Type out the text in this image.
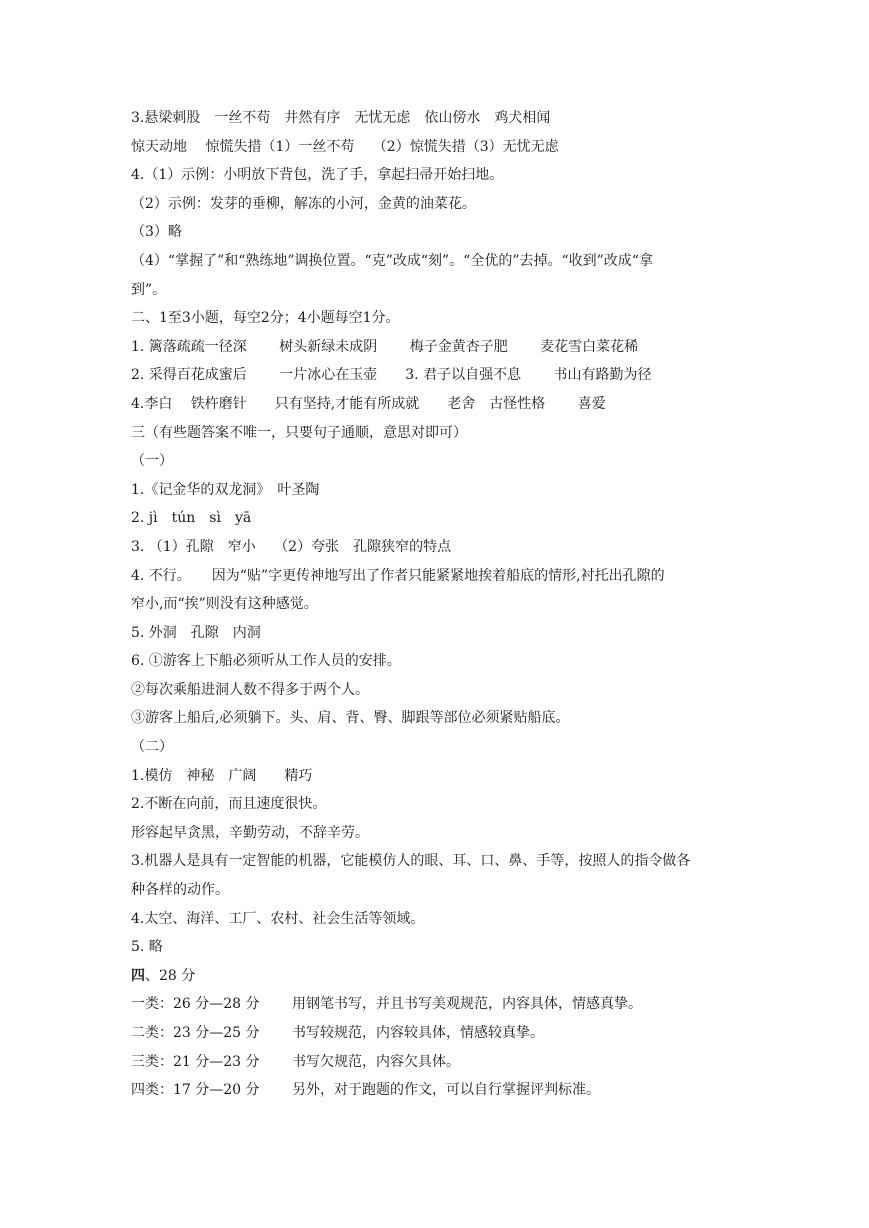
3.悬梁刺股　一丝不苟　井然有序　无忧无虑　依山傍水　鸡犬相闻
惊天动地　 惊慌失措（1）一丝不苟　 （2）惊慌失措（3）无忧无虑
4.（1）示例：小明放下背包，洗了手，拿起扫帚开始扫地。
（2）示例：发芽的垂柳，解冻的小河，金黄的油菜花。
（3）略
（4）“掌握了”和“熟练地”调换位置。“克”改成“刻”。“全优的”去掉。“收到”改成“拿
到”。
二、1至3小题，每空2分；4小题每空1分。
1. 篱落疏疏一径深　　 树头新绿未成阴　　 梅子金黄杏子肥　　 麦花雪白菜花稀
2. 采得百花成蜜后　　 一片冰心在玉壶　　3. 君子以自强不息　　 书山有路勤为径
4.李白　 铁杵磨针　　只有坚持,才能有所成就　　老舍　古怪性格　　 喜爱
三（有些题答案不唯一，只要句子通顺，意思对即可）
（一）
1.《记金华的双龙洞》　叶圣陶
2. jì　tún　sì　yā
3. （1）孔隙　窄小　 （2）夸张　孔隙狭窄的特点
4. 不行。　　因为“贴”字更传神地写出了作者只能紧紧地挨着船底的情形,衬托出孔隙的
窄小,而“挨”则没有这种感觉。
5. 外洞　孔隙　内洞
6. ①游客上下船必须听从工作人员的安排。
②每次乘船进洞人数不得多于两个人。
③游客上船后,必须躺下。头、肩、背、臀、脚跟等部位必须紧贴船底。
（二）
1.模仿　神秘　广阔　　精巧
2.不断在向前，而且速度很快。
形容起早贪黑，辛勤劳动，不辞辛劳。
3.机器人是具有一定智能的机器，它能模仿人的眼、耳、口、鼻、手等，按照人的指令做各
种各样的动作。
4.太空、海洋、工厂、农村、社会生活等领域。
5. 略
四、28 分
一类：26 分—28 分　　 用钢笔书写，并且书写美观规范，内容具体，情感真挚。
二类：23 分—25 分　　 书写较规范，内容较具体，情感较真挚。
三类：21 分—23 分　　 书写欠规范，内容欠具体。
四类：17 分—20 分　　 另外，对于跑题的作文，可以自行掌握评判标准。
